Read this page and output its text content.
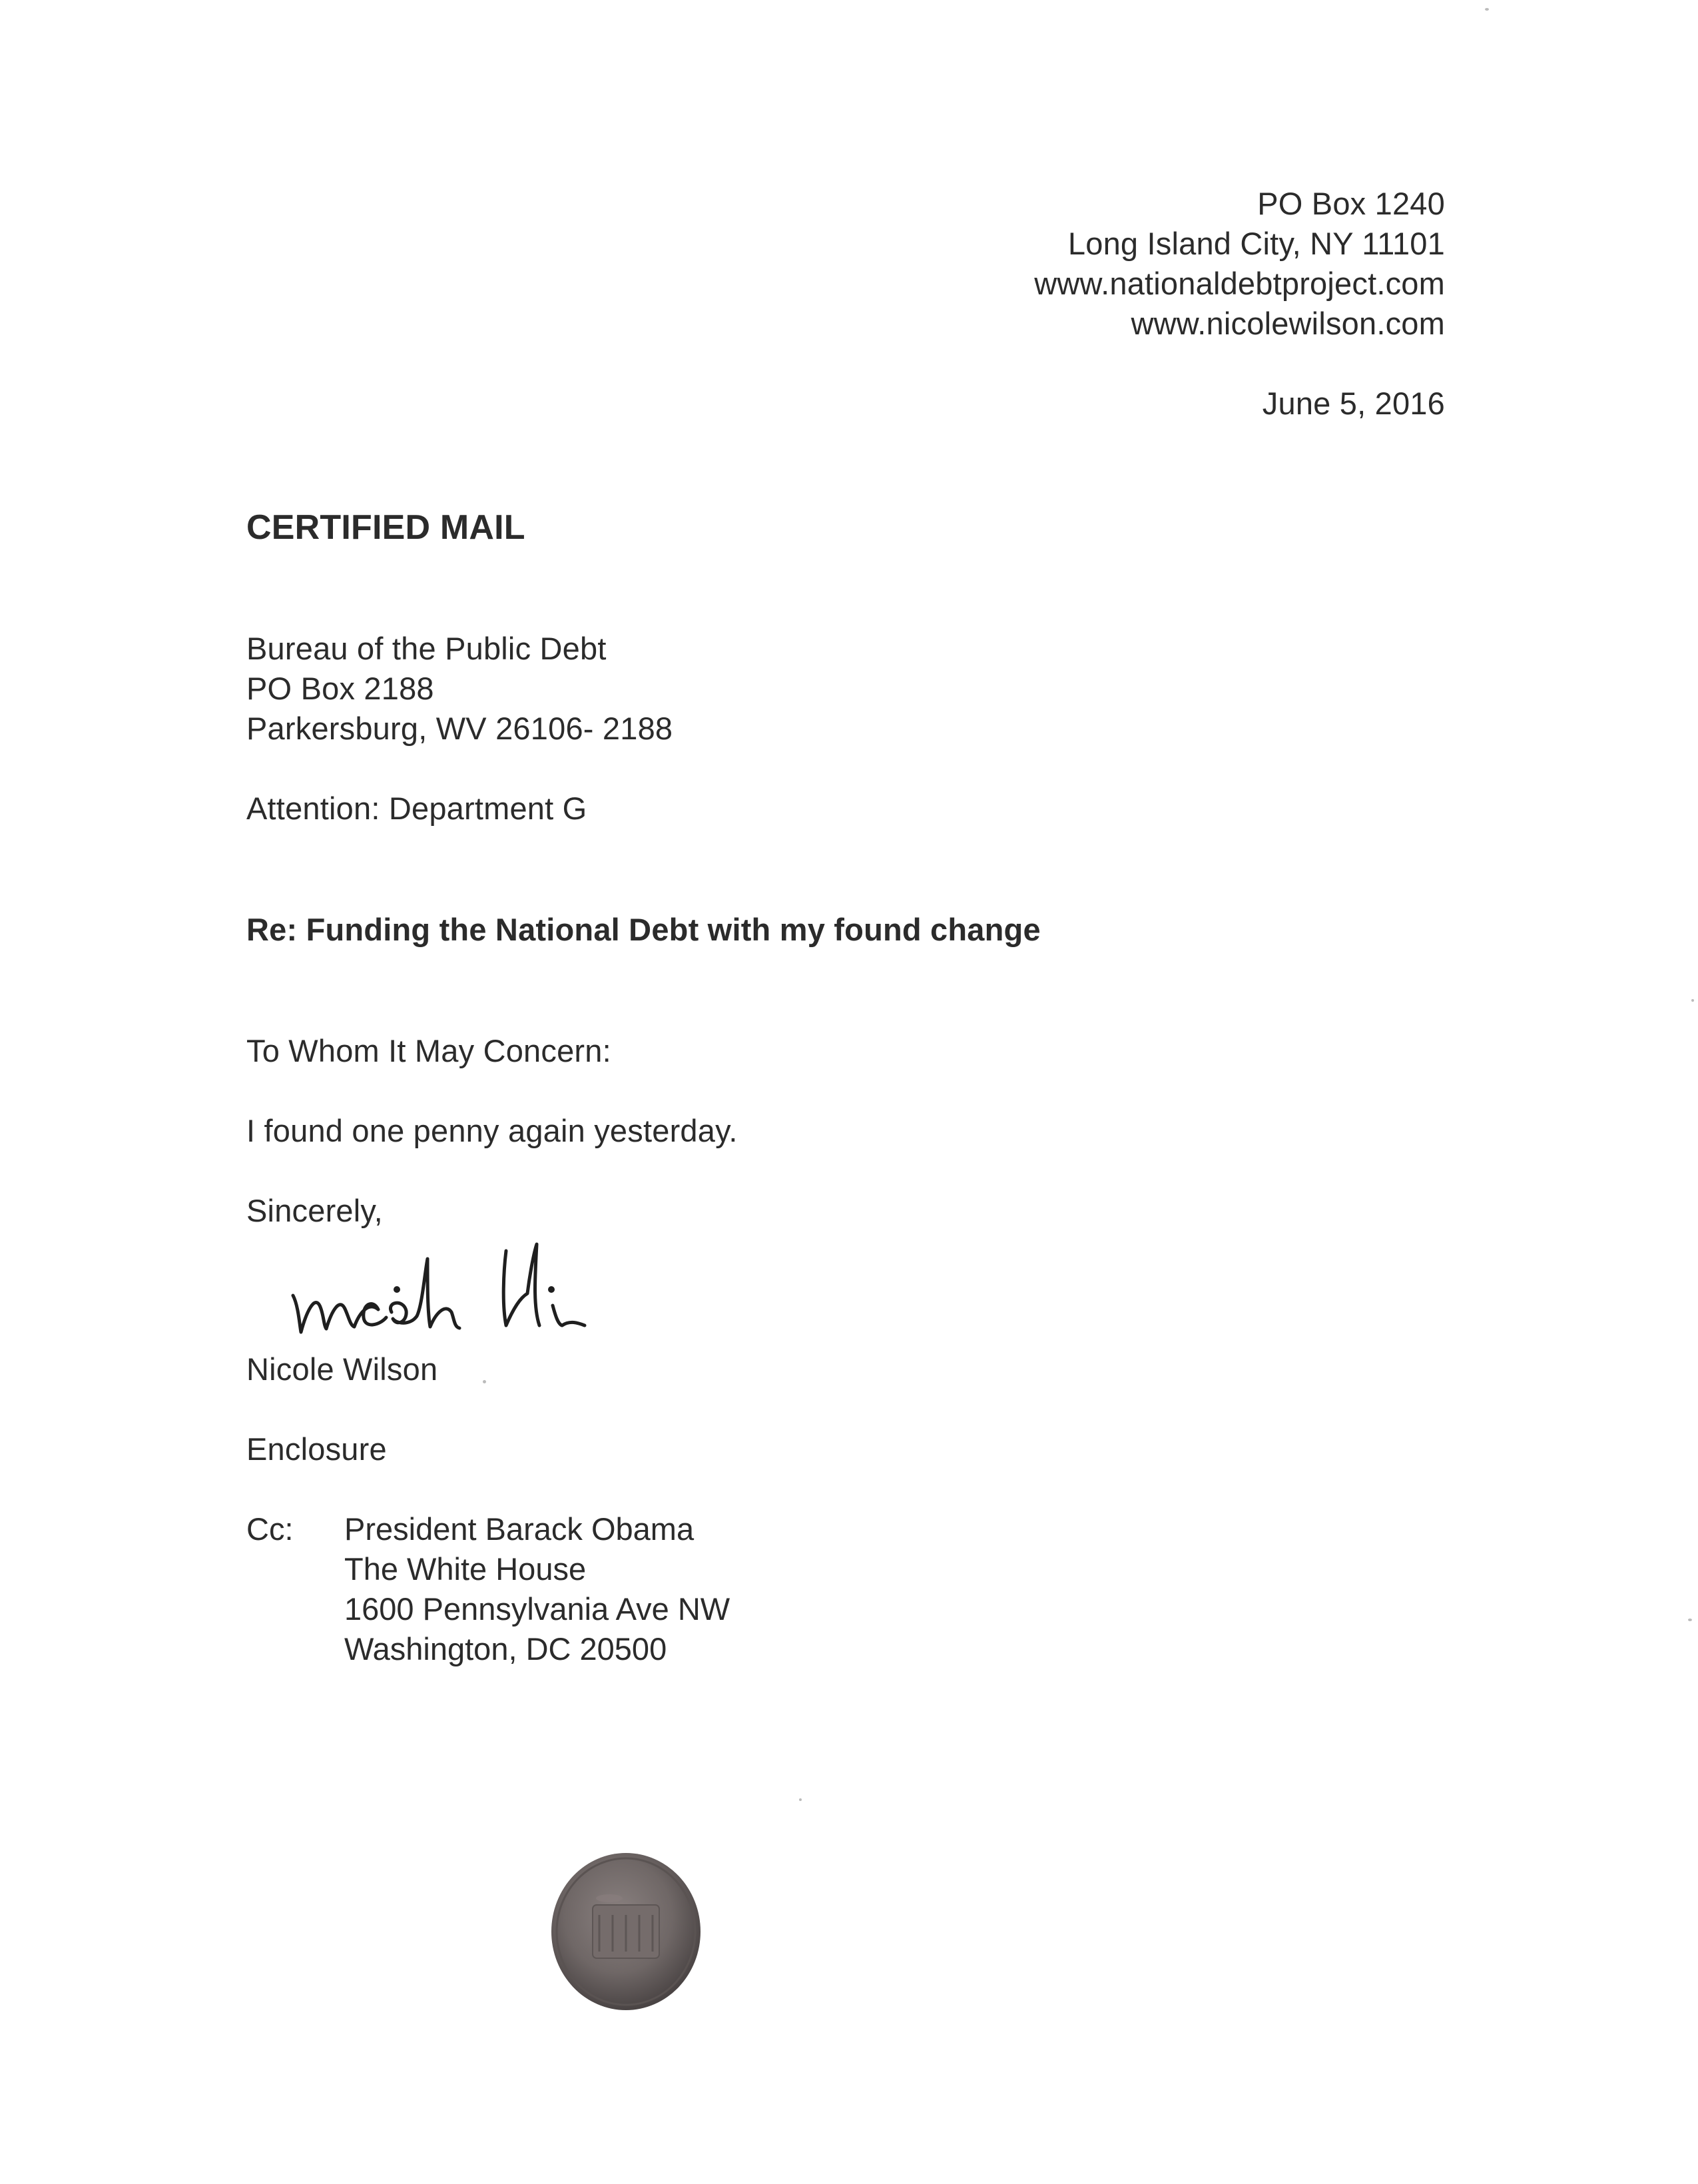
PO Box 1240
Long Island City, NY 11101
www.nationaldebtproject.com
www.nicolewilson.com
June 5, 2016
CERTIFIED MAIL
Bureau of the Public Debt
PO Box 2188
Parkersburg, WV 26106- 2188
Attention: Department G
Re: Funding the National Debt with my found change
To Whom It May Concern:
I found one penny again yesterday.
Sincerely,
Nicole Wilson
Enclosure
Cc: President Barack Obama
The White House
1600 Pennsylvania Ave NW
Washington, DC 20500
